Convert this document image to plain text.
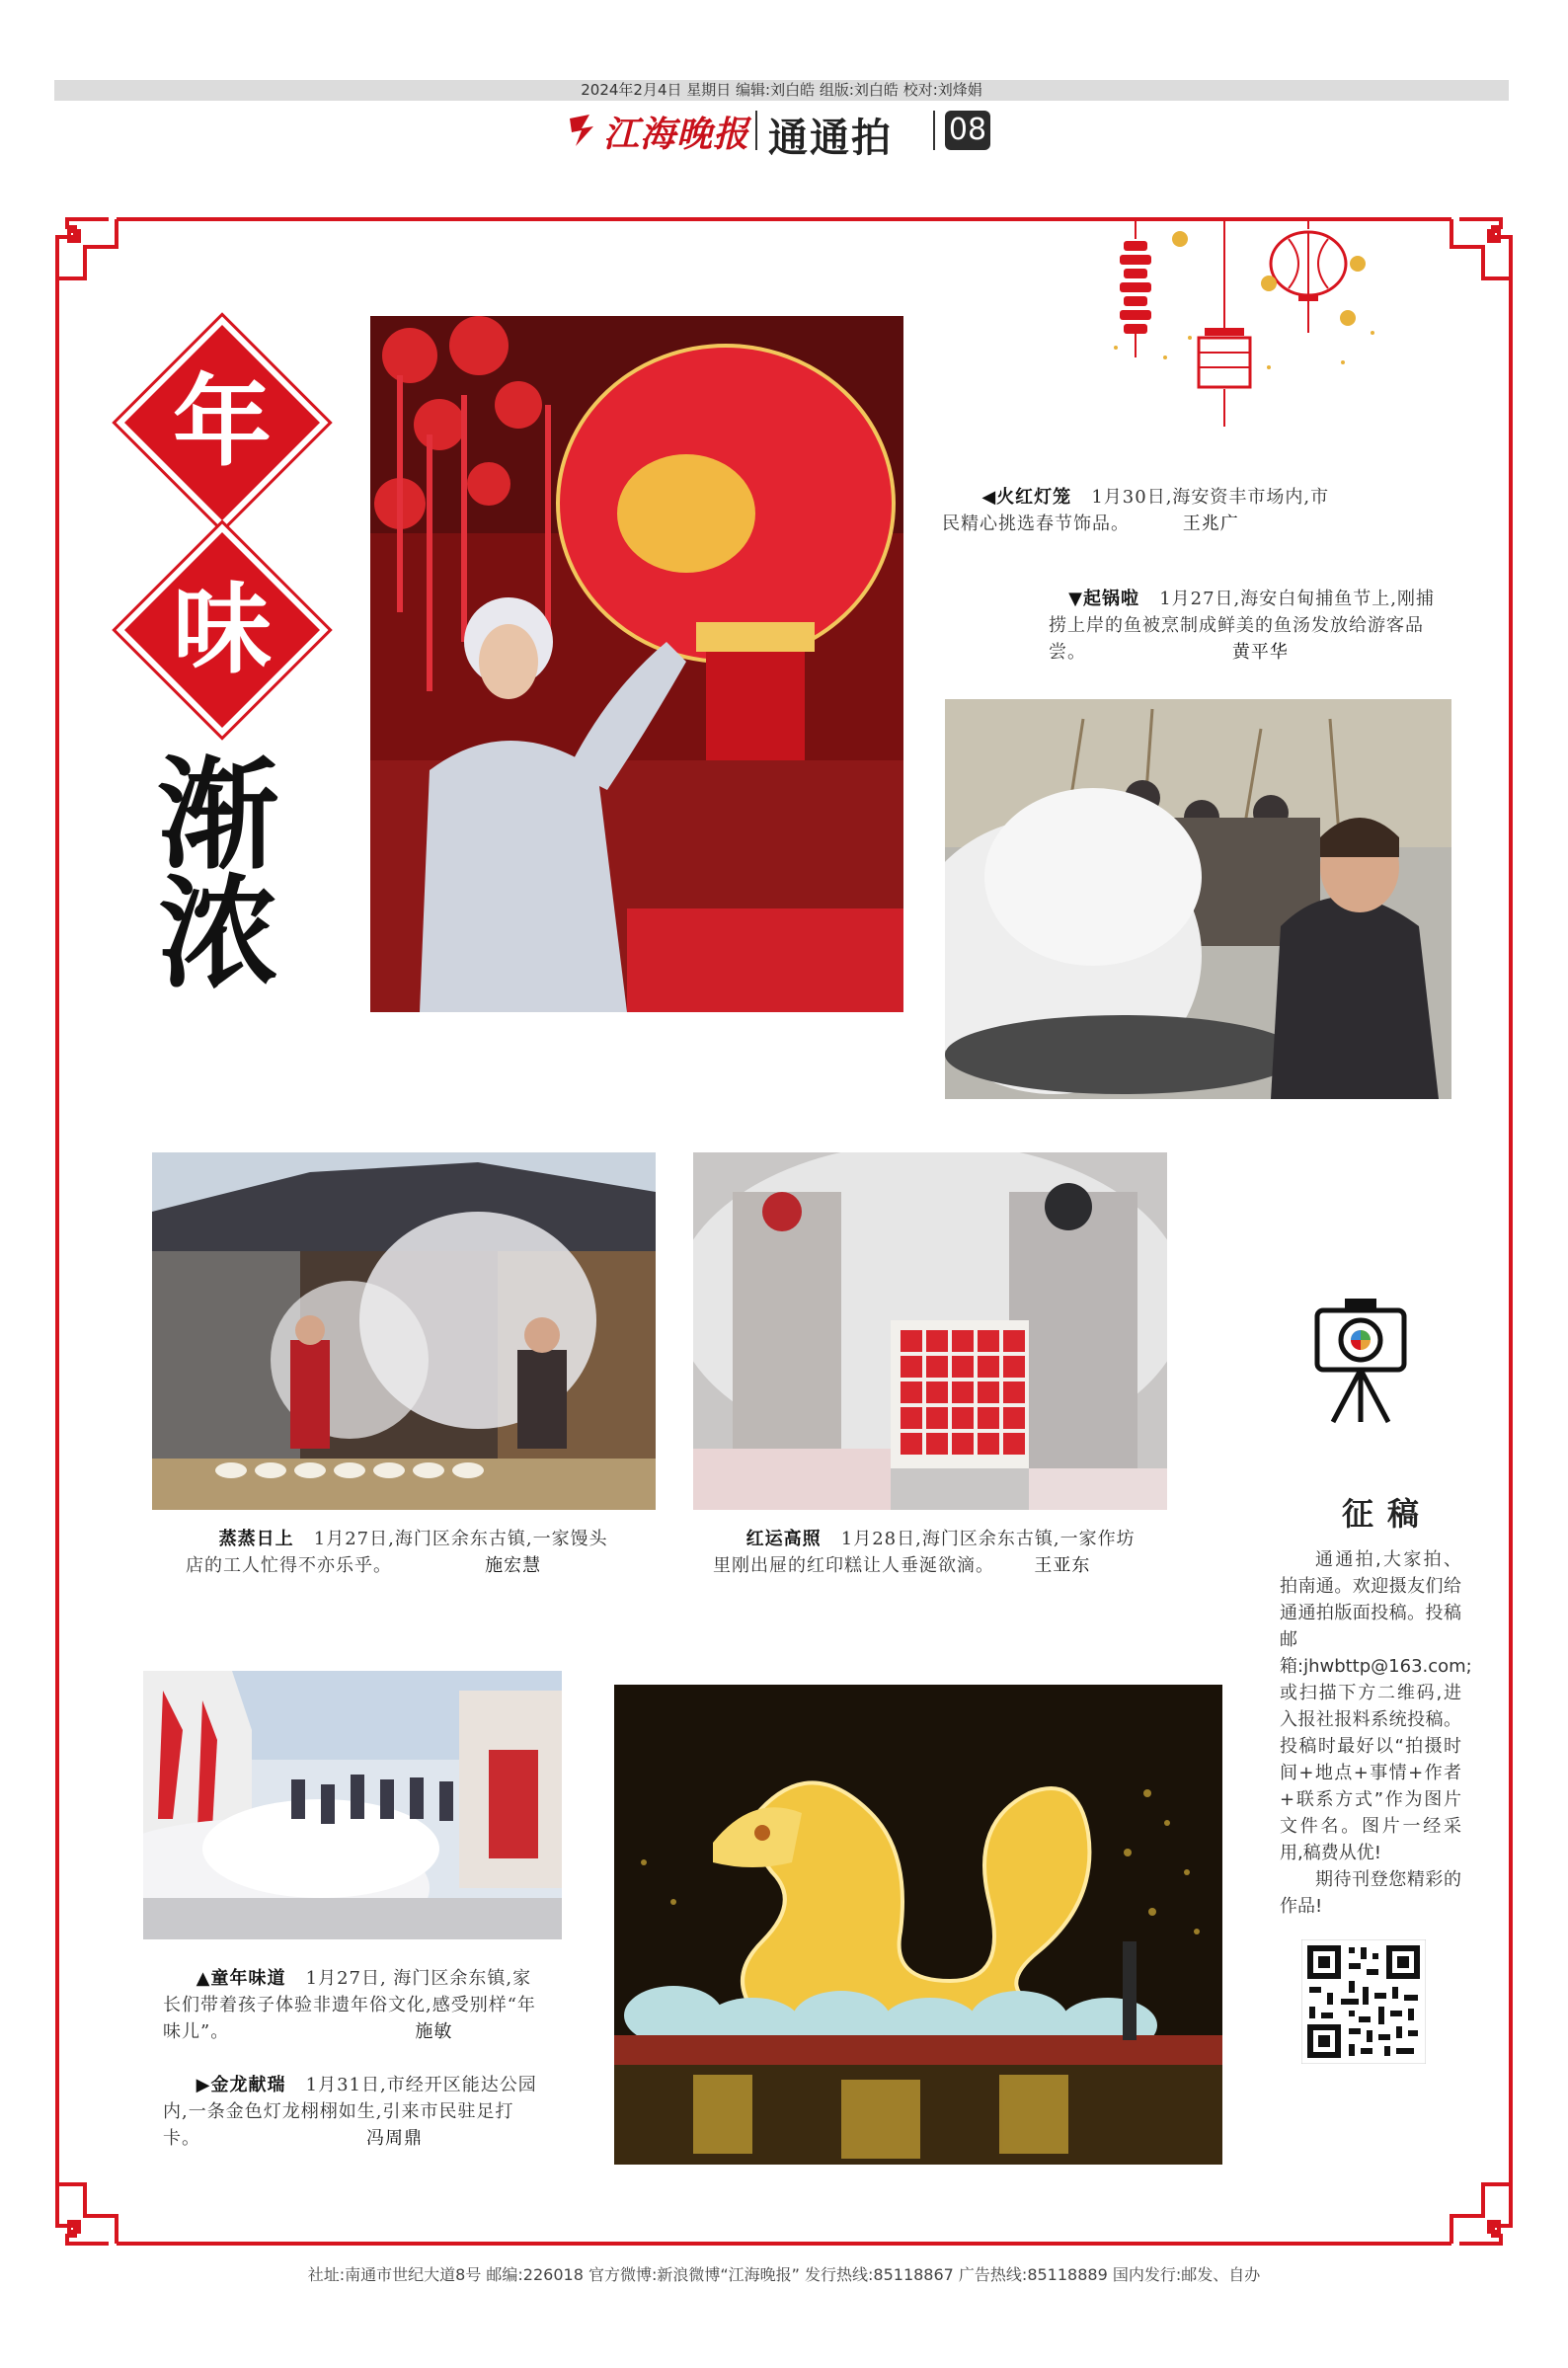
2024年2月4日 星期日 编辑:刘白皓 组版:刘白皓 校对:刘烽娟
江海晚报 通通拍 08
年
味
渐
浓
◀火红灯笼 1月30日,海安资丰市场内,市民精心挑选春节饰品。	王兆广
▼起锅啦 1月27日,海安白甸捕鱼节上,刚捕捞上岸的鱼被烹制成鲜美的鱼汤发放给游客品尝。	黄平华
蒸蒸日上 1月27日,海门区余东古镇,一家馒头店的工人忙得不亦乐乎。	施宏慧
红运高照 1月28日,海门区余东古镇,一家作坊里刚出屉的红印糕让人垂涎欲滴。 王亚东
▲童年味道 1月27日, 海门区余东镇,家长们带着孩子体验非遗年俗文化,感受别样“年味儿”。	施敏
▶金龙献瑞 1月31日,市经开区能达公园内,一条金色灯龙栩栩如生,引来市民驻足打卡。	冯周鼎
征稿

通通拍,大家拍、拍南通。欢迎摄友们给通通拍版面投稿。投稿邮箱:jhwbttp@163.com;或扫描下方二维码,进入报社报料系统投稿。投稿时最好以“拍摄时间+地点+事情+作者+联系方式”作为图片文件名。图片一经采用,稿费从优!

期待刊登您精彩的作品!

社址:南通市世纪大道8号 邮编:226018 官方微博:新浪微博“江海晚报” 发行热线:85118867 广告热线:85118889 国内发行:邮发、自办
